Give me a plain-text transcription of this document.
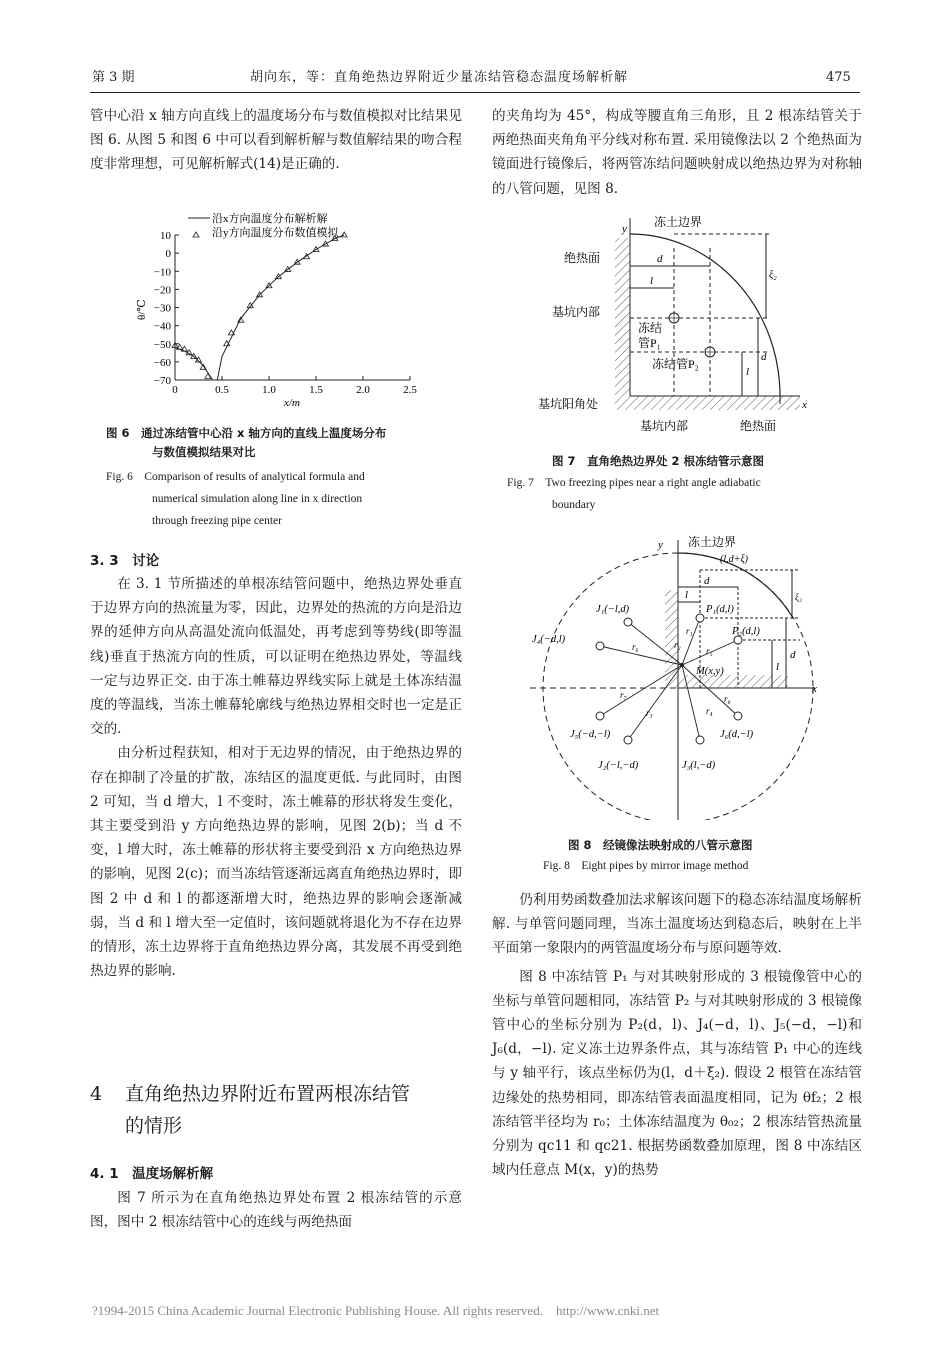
第 3 期	胡向东，等：直角绝热边界附近少量冻结管稳态温度场解析解	475

管中心沿 x 轴方向直线上的温度场分布与数值模拟对比结果见图 6. 从图 5 和图 6 中可以看到解析解与数值解结果的吻合程度非常理想，可见解析解式(14)是正确的.

10
0
−10
−20
−30
−40
−50
−60
−70
0	0.5	1.0	1.5	2.0	2.5
沿x方向温度分布解析解
沿y方向温度分布数值模拟
θ/℃
x/m
图 6　通过冻结管中心沿 x 轴方向的直线上温度场分布
与数值模拟结果对比
Fig. 6　Comparison of results of analytical formula and
numerical simulation along line in x direction
through freezing pipe center
3. 3　讨论

在 3. 1 节所描述的单根冻结管问题中，绝热边界处垂直于边界方向的热流量为零，因此，边界处的热流的方向是沿边界的延伸方向从高温处流向低温处，再考虑到等势线(即等温线)垂直于热流方向的性质，可以证明在绝热边界处，等温线一定与边界正交. 由于冻土帷幕边界线实际上就是土体冻结温度的等温线，当冻土帷幕轮廓线与绝热边界相交时也一定是正交的.

由分析过程获知，相对于无边界的情况，由于绝热边界的存在抑制了冷量的扩散，冻结区的温度更低. 与此同时，由图 2 可知，当 d 增大，l 不变时，冻土帷幕的形状将发生变化，其主要受到沿 y 方向绝热边界的影响，见图 2(b)；当 d 不变，l 增大时，冻土帷幕的形状将主要受到沿 x 方向绝热边界的影响，见图 2(c)；而当冻结管逐渐远离直角绝热边界时，即图 2 中 d 和 l 的都逐渐增大时，绝热边界的影响会逐渐减弱，当 d 和 l 增大至一定值时，该问题就将退化为不存在边界的情形，冻土边界将于直角绝热边界分离，其发展不再受到绝热边界的影响.

4 直角绝热边界附近布置两根冻结管
的情形
4. 1　温度场解析解

图 7 所示为在直角绝热边界处布置 2 根冻结管的示意图，图中 2 根冻结管中心的连线与两绝热面

的夹角均为 45°，构成等腰直角三角形，且 2 根冻结管关于两绝热面夹角角平分线对称布置. 采用镜像法以 2 个绝热面为镜面进行镜像后，将两管冻结问题映射成以绝热边界为对称轴的八管问题，见图 8.

y
x
d
l	ξ₂
d
l
冻土边界
绝热面
基坑内部
冻结
管P₁
冻结管P₂
基坑阳角处
基坑内部	绝热面
图 7　直角绝热边界处 2 根冻结管示意图
Fig. 7　Two freezing pipes near a right angle adiabatic
boundary
y
x
冻土边界
(l,d+ξ)
d
l	ξ₂
d
l
J₁(−l,d)
J₄(−d,l)
P₁(d,l)
P₂(d,l)
M(x,y)
J₅(−d,−l)
J₂(−l,−d)	J₃(l,−d)
J₆(d,−l)
r₁
r₂
r₃	r₄
r₅
r₆
r₇	r₈
图 8　经镜像法映射成的八管示意图
Fig. 8　Eight pipes by mirror image method

仍利用势函数叠加法求解该问题下的稳态冻结温度场解析解. 与单管问题同理，当冻土温度场达到稳态后，映射在上半平面第一象限内的两管温度场分布与原问题等效.

图 8 中冻结管 P₁ 与对其映射形成的 3 根镜像管中心的坐标与单管问题相同，冻结管 P₂ 与对其映射形成的 3 根镜像管中心的坐标分别为 P₂(d，l)、J₄(−d，l)、J₅(−d，−l)和 J₆(d，−l). 定义冻土边界条件点，其与冻结管 P₁ 中心的连线与 y 轴平行，该点坐标仍为(l，d＋ξ₂). 假设 2 根管在冻结管边缘处的热势相同，即冻结管表面温度相同，记为 θf₂；2 根冻结管半径均为 r₀；土体冻结温度为 θ₀₂；2 根冻结管热流量分别为 qc11 和 qc21. 根据势函数叠加原理，图 8 中冻结区域内任意点 M(x，y)的热势

?1994-2015 China Academic Journal Electronic Publishing House. All rights reserved.　http://www.cnki.net
